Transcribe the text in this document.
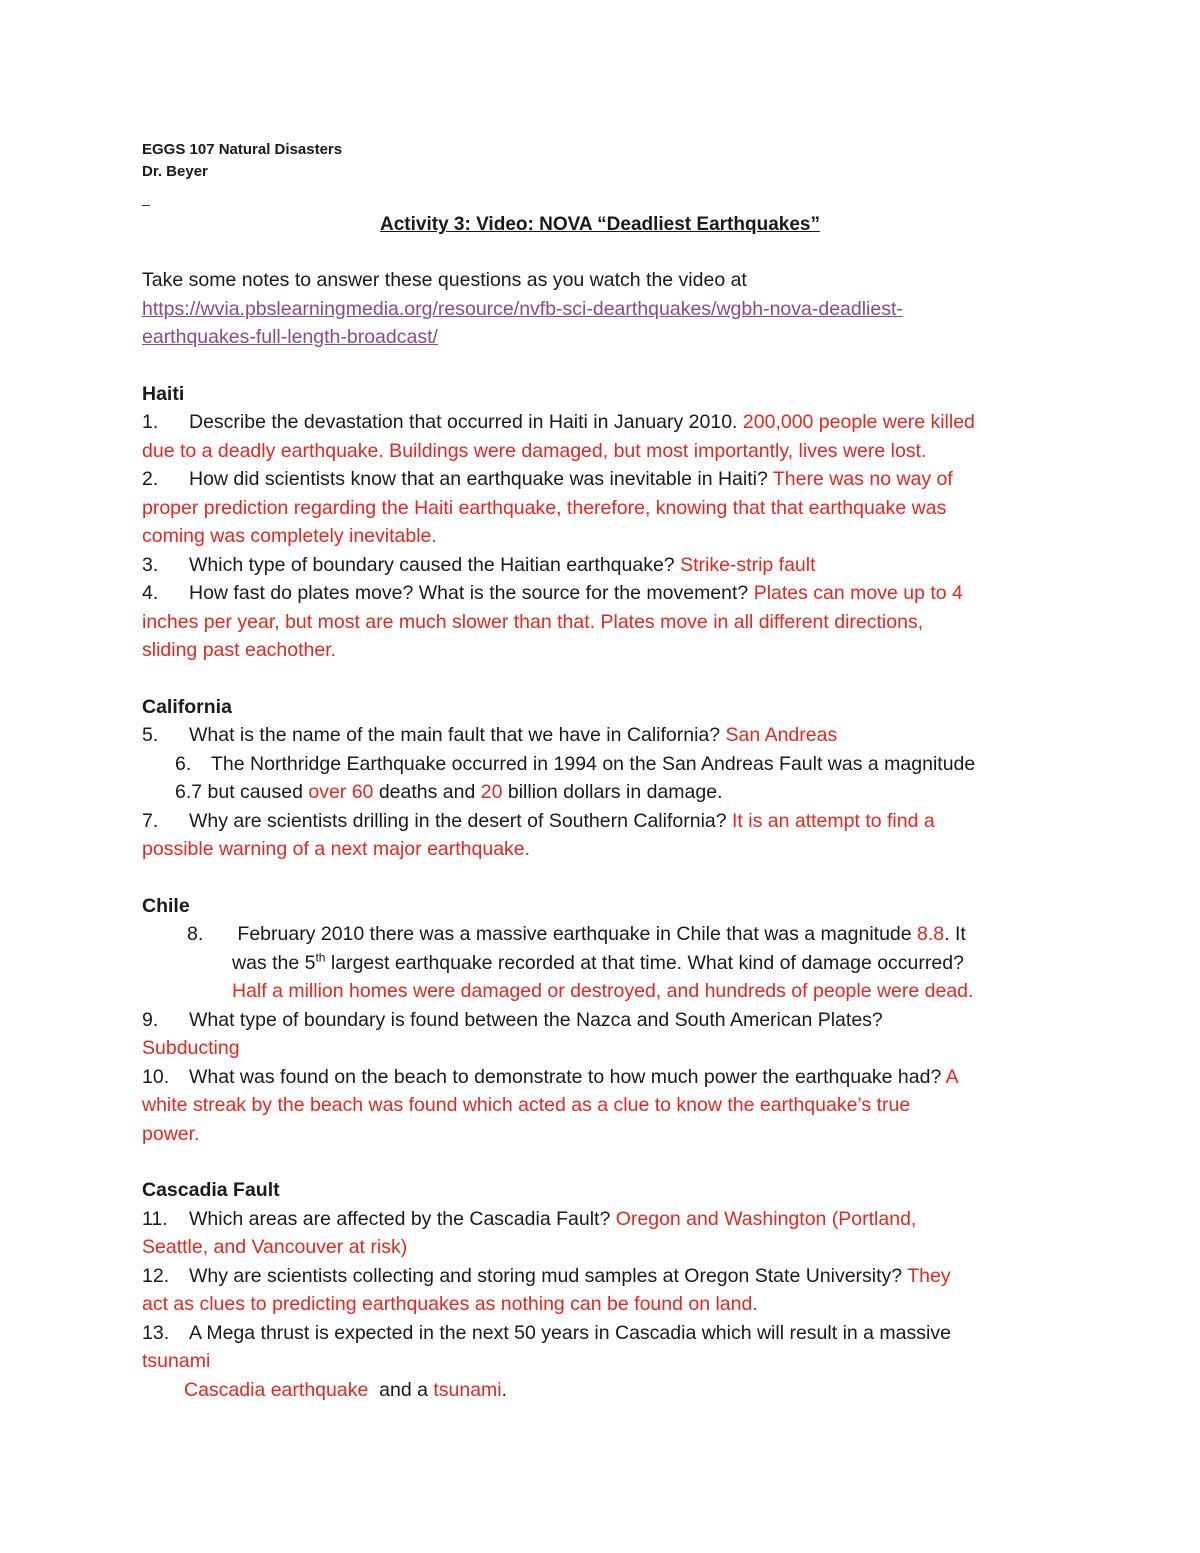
EGGS 107 Natural Disasters
Dr. Beyer
_
Activity 3: Video: NOVA “Deadliest Earthquakes”
Take some notes to answer these questions as you watch the video at
https://wvia.pbslearningmedia.org/resource/nvfb-sci-dearthquakes/wgbh-nova-deadliest-
earthquakes-full-length-broadcast/
Haiti
1. Describe the devastation that occurred in Haiti in January 2010. 200,000 people were killed
due to a deadly earthquake. Buildings were damaged, but most importantly, lives were lost.
2. How did scientists know that an earthquake was inevitable in Haiti? There was no way of
proper prediction regarding the Haiti earthquake, therefore, knowing that that earthquake was
coming was completely inevitable.
3. Which type of boundary caused the Haitian earthquake? Strike-strip fault
4. How fast do plates move? What is the source for the movement? Plates can move up to 4
inches per year, but most are much slower than that. Plates move in all different directions,
sliding past eachother.
California
5. What is the name of the main fault that we have in California? San Andreas
6. The Northridge Earthquake occurred in 1994 on the San Andreas Fault was a magnitude
6.7 but caused over 60 deaths and 20 billion dollars in damage.
7. Why are scientists drilling in the desert of Southern California? It is an attempt to find a
possible warning of a next major earthquake.
Chile
8. February 2010 there was a massive earthquake in Chile that was a magnitude 8.8. It
was the 5th largest earthquake recorded at that time. What kind of damage occurred?
Half a million homes were damaged or destroyed, and hundreds of people were dead.
9. What type of boundary is found between the Nazca and South American Plates?
Subducting
10. What was found on the beach to demonstrate to how much power the earthquake had? A
white streak by the beach was found which acted as a clue to know the earthquake’s true
power.
Cascadia Fault
11. Which areas are affected by the Cascadia Fault? Oregon and Washington (Portland,
Seattle, and Vancouver at risk)
12. Why are scientists collecting and storing mud samples at Oregon State University? They
act as clues to predicting earthquakes as nothing can be found on land.
13. A Mega thrust is expected in the next 50 years in Cascadia which will result in a massive
tsunami
Cascadia earthquake  and a tsunami.
